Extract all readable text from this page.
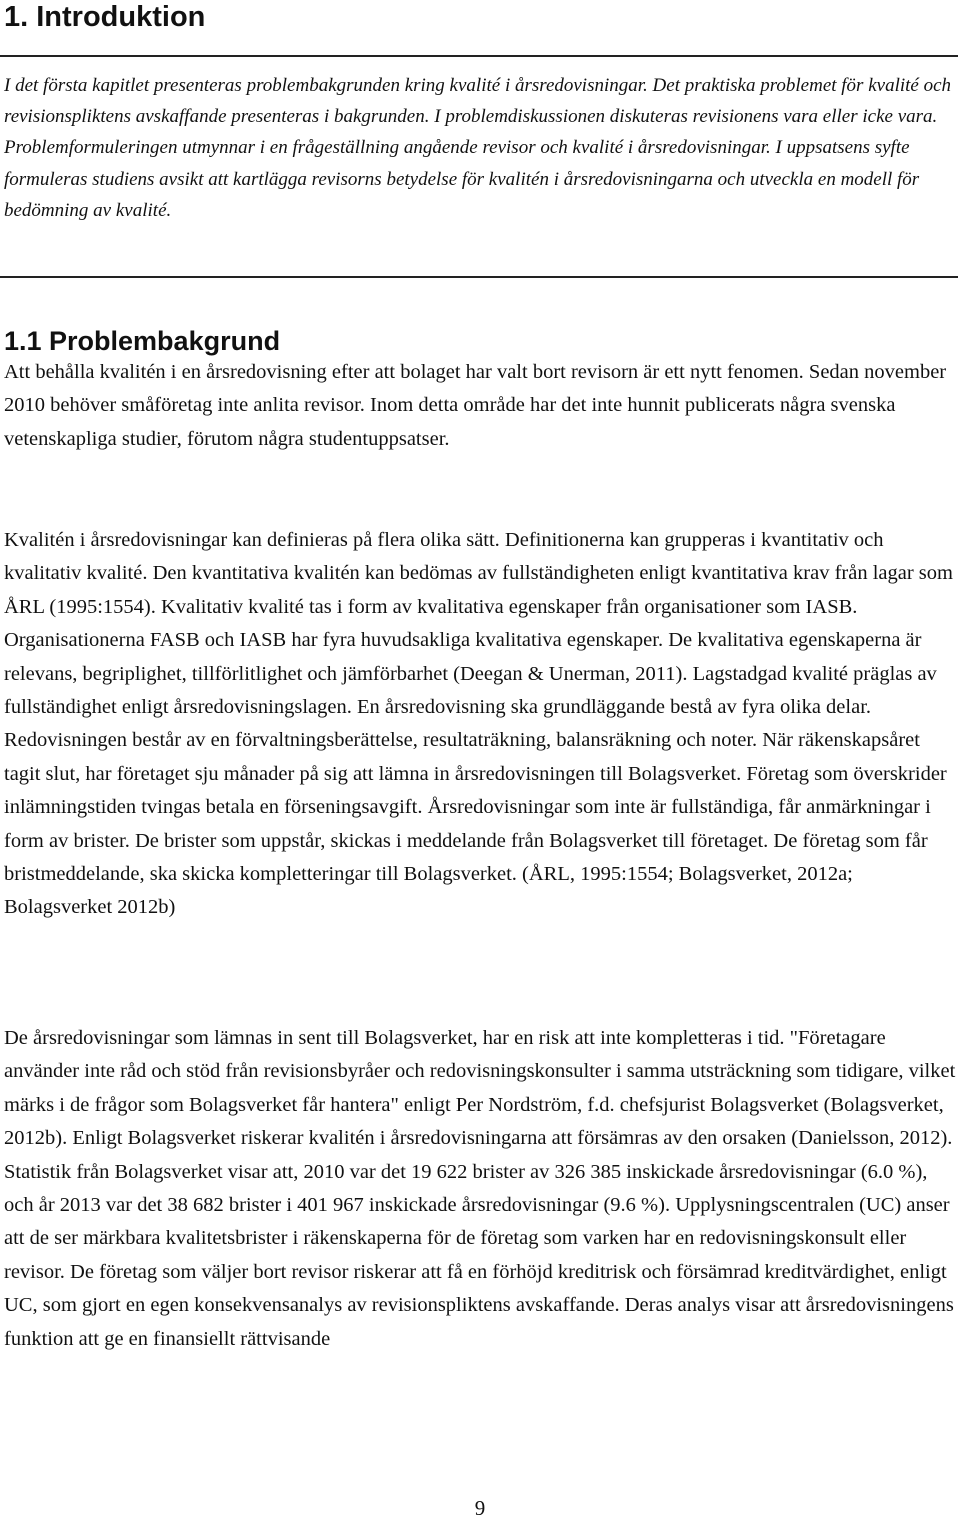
1. Introduktion

I det första kapitlet presenteras problembakgrunden kring kvalité i årsredovisningar. Det praktiska problemet för kvalité och revisionspliktens avskaffande presenteras i bakgrunden. I problemdiskussionen diskuteras revisionens vara eller icke vara. Problemformuleringen utmynnar i en frågeställning angående revisor och kvalité i årsredovisningar. I uppsatsens syfte formuleras studiens avsikt att kartlägga revisorns betydelse för kvalitén i årsredovisningarna och utveckla en modell för bedömning av kvalité.

1.1 Problembakgrund

Att behålla kvalitén i en årsredovisning efter att bolaget har valt bort revisorn är ett nytt fenomen. Sedan november 2010 behöver småföretag inte anlita revisor. Inom detta område har det inte hunnit publicerats några svenska vetenskapliga studier, förutom några studentuppsatser.

Kvalitén i årsredovisningar kan definieras på flera olika sätt. Definitionerna kan grupperas i kvantitativ och kvalitativ kvalité. Den kvantitativa kvalitén kan bedömas av fullständigheten enligt kvantitativa krav från lagar som ÅRL (1995:1554). Kvalitativ kvalité tas i form av kvalitativa egenskaper från organisationer som IASB. Organisationerna FASB och IASB har fyra huvudsakliga kvalitativa egenskaper. De kvalitativa egenskaperna är relevans, begriplighet, tillförlitlighet och jämförbarhet (Deegan & Unerman, 2011). Lagstadgad kvalité präglas av fullständighet enligt årsredovisningslagen. En årsredovisning ska grundläggande bestå av fyra olika delar. Redovisningen består av en förvaltningsberättelse, resultaträkning, balansräkning och noter. När räkenskapsåret tagit slut, har företaget sju månader på sig att lämna in årsredovisningen till Bolagsverket. Företag som överskrider inlämningstiden tvingas betala en förseningsavgift. Årsredovisningar som inte är fullständiga, får anmärkningar i form av brister. De brister som uppstår, skickas i meddelande från Bolagsverket till företaget. De företag som får bristmeddelande, ska skicka kompletteringar till Bolagsverket. (ÅRL, 1995:1554; Bolagsverket, 2012a; Bolagsverket 2012b)

De årsredovisningar som lämnas in sent till Bolagsverket, har en risk att inte kompletteras i tid. "Företagare använder inte råd och stöd från revisionsbyråer och redovisningskonsulter i samma utsträckning som tidigare, vilket märks i de frågor som Bolagsverket får hantera" enligt Per Nordström, f.d. chefsjurist Bolagsverket (Bolagsverket, 2012b). Enligt Bolagsverket riskerar kvalitén i årsredovisningarna att försämras av den orsaken (Danielsson, 2012). Statistik från Bolagsverket visar att, 2010 var det 19 622 brister av 326 385 inskickade årsredovisningar (6.0 %), och år 2013 var det 38 682 brister i 401 967 inskickade årsredovisningar (9.6 %). Upplysningscentralen (UC) anser att de ser märkbara kvalitetsbrister i räkenskaperna för de företag som varken har en redovisningskonsult eller revisor. De företag som väljer bort revisor riskerar att få en förhöjd kreditrisk och försämrad kreditvärdighet, enligt UC, som gjort en egen konsekvensanalys av revisionspliktens avskaffande. Deras analys visar att årsredovisningens funktion att ge en finansiellt rättvisande

9
